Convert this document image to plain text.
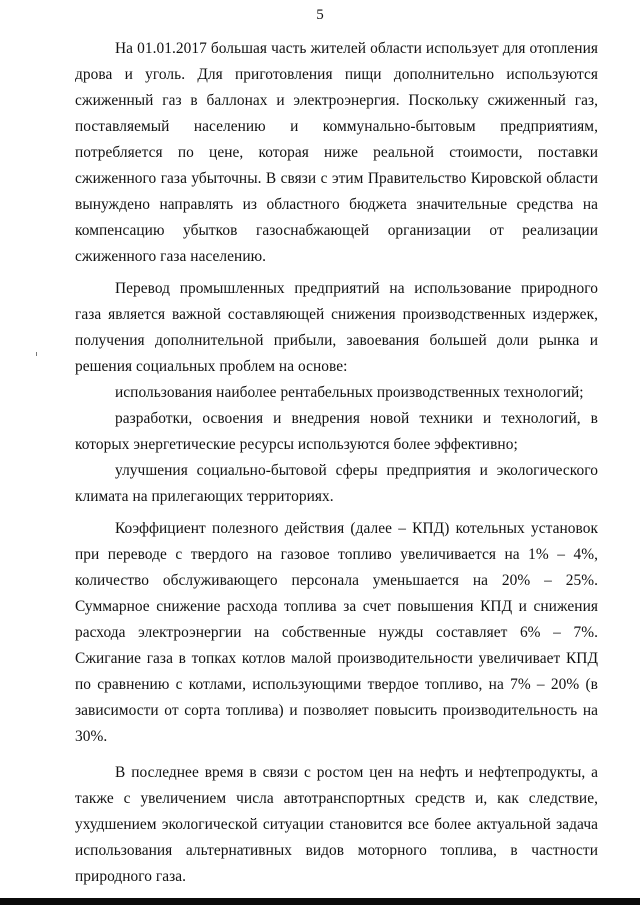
5

На 01.01.2017 большая часть жителей области использует для отопления дрова и уголь. Для приготовления пищи дополнительно используются сжиженный газ в баллонах и электроэнергия. Поскольку сжиженный газ, поставляемый населению и коммунально-бытовым предприятиям, потребляется по цене, которая ниже реальной стоимости, поставки сжиженного газа убыточны. В связи с этим Правительство Кировской области вынуждено направлять из областного бюджета значительные средства на компенсацию убытков газоснабжающей организации от реализации сжиженного газа населению.

Перевод промышленных предприятий на использование природного газа является важной составляющей снижения производственных издержек, получения дополнительной прибыли, завоевания большей доли рынка и решения социальных проблем на основе:

использования наиболее рентабельных производственных технологий;

разработки, освоения и внедрения новой техники и технологий, в которых энергетические ресурсы используются более эффективно;

улучшения социально-бытовой сферы предприятия и экологического климата на прилегающих территориях.

Коэффициент полезного действия (далее – КПД) котельных установок при переводе с твердого на газовое топливо увеличивается на 1% – 4%, количество обслуживающего персонала уменьшается на 20% – 25%. Суммарное снижение расхода топлива за счет повышения КПД и снижения расхода электроэнергии на собственные нужды составляет 6% – 7%. Сжигание газа в топках котлов малой производительности увеличивает КПД по сравнению с котлами, использующими твердое топливо, на 7% – 20% (в зависимости от сорта топлива) и позволяет повысить производительность на 30%.

В последнее время в связи с ростом цен на нефть и нефтепродукты, а также с увеличением числа автотранспортных средств и, как следствие, ухудшением экологической ситуации становится все более актуальной задача использования альтернативных видов моторного топлива, в частности природного газа.
